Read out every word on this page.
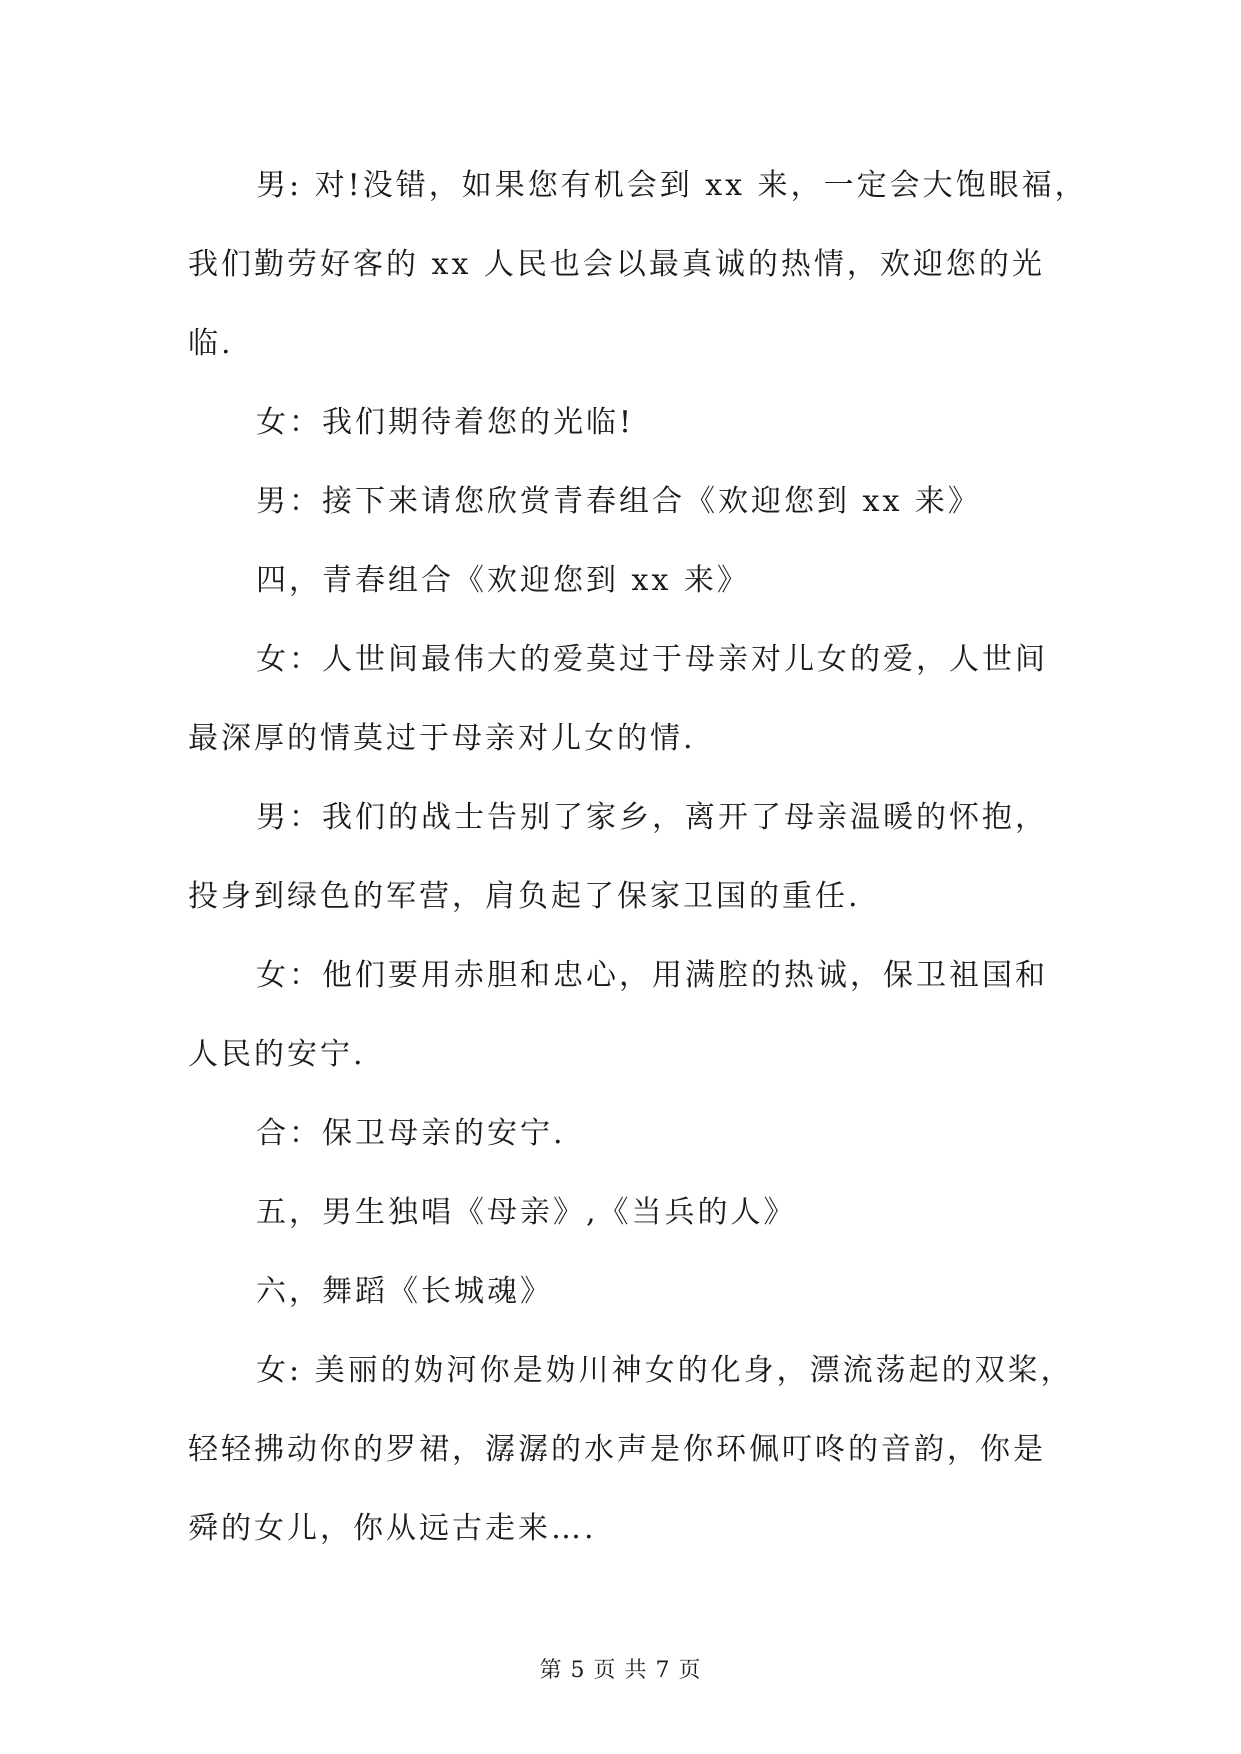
男: 对!没错，如果您有机会到 xx 来，一定会大饱眼福，
我们勤劳好客的 xx 人民也会以最真诚的热情，欢迎您的光
临.

女：我们期待着您的光临!

男：接下来请您欣赏青春组合《欢迎您到 xx 来》

四，青春组合《欢迎您到 xx 来》

女：人世间最伟大的爱莫过于母亲对儿女的爱，人世间
最深厚的情莫过于母亲对儿女的情.

男：我们的战士告别了家乡，离开了母亲温暖的怀抱，
投身到绿色的军营，肩负起了保家卫国的重任.

女：他们要用赤胆和忠心，用满腔的热诚，保卫祖国和
人民的安宁.

合：保卫母亲的安宁.

五，男生独唱《母亲》,《当兵的人》

六，舞蹈《长城魂》

女: 美丽的妫河你是妫川神女的化身，漂流荡起的双桨，
轻轻拂动你的罗裙，潺潺的水声是你环佩叮咚的音韵，你是
舜的女儿，你从远古走来….

第 5 页 共 7 页
